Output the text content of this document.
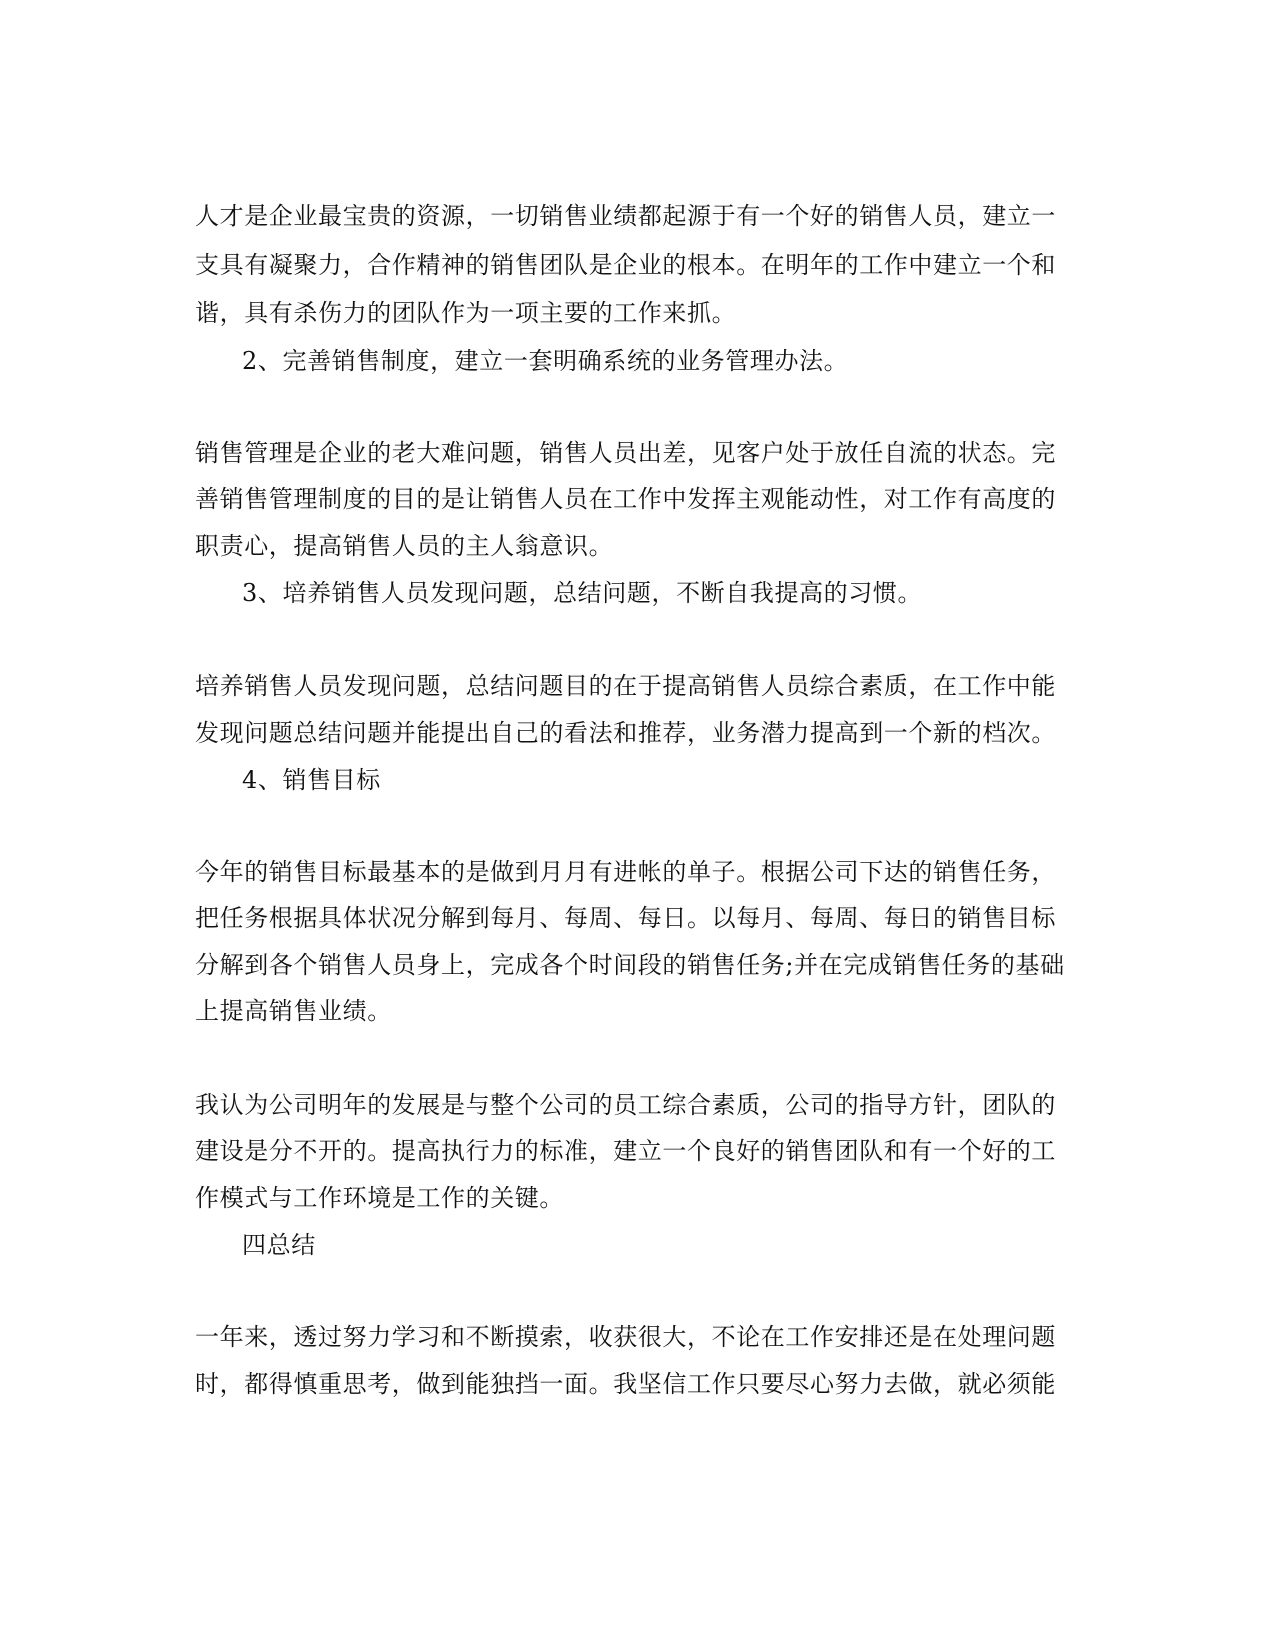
人才是企业最宝贵的资源，一切销售业绩都起源于有一个好的销售人员，建立一
支具有凝聚力，合作精神的销售团队是企业的根本。在明年的工作中建立一个和
谐，具有杀伤力的团队作为一项主要的工作来抓。
2、完善销售制度，建立一套明确系统的业务管理办法。
销售管理是企业的老大难问题，销售人员出差，见客户处于放任自流的状态。完
善销售管理制度的目的是让销售人员在工作中发挥主观能动性，对工作有高度的
职责心，提高销售人员的主人翁意识。
3、培养销售人员发现问题，总结问题，不断自我提高的习惯。
培养销售人员发现问题，总结问题目的在于提高销售人员综合素质，在工作中能
发现问题总结问题并能提出自己的看法和推荐，业务潜力提高到一个新的档次。
4、销售目标
今年的销售目标最基本的是做到月月有进帐的单子。根据公司下达的销售任务，
把任务根据具体状况分解到每月、每周、每日。以每月、每周、每日的销售目标
分解到各个销售人员身上，完成各个时间段的销售任务;并在完成销售任务的基础
上提高销售业绩。
我认为公司明年的发展是与整个公司的员工综合素质，公司的指导方针，团队的
建设是分不开的。提高执行力的标准，建立一个良好的销售团队和有一个好的工
作模式与工作环境是工作的关键。
四总结
一年来，透过努力学习和不断摸索，收获很大，不论在工作安排还是在处理问题
时，都得慎重思考，做到能独挡一面。我坚信工作只要尽心努力去做，就必须能
